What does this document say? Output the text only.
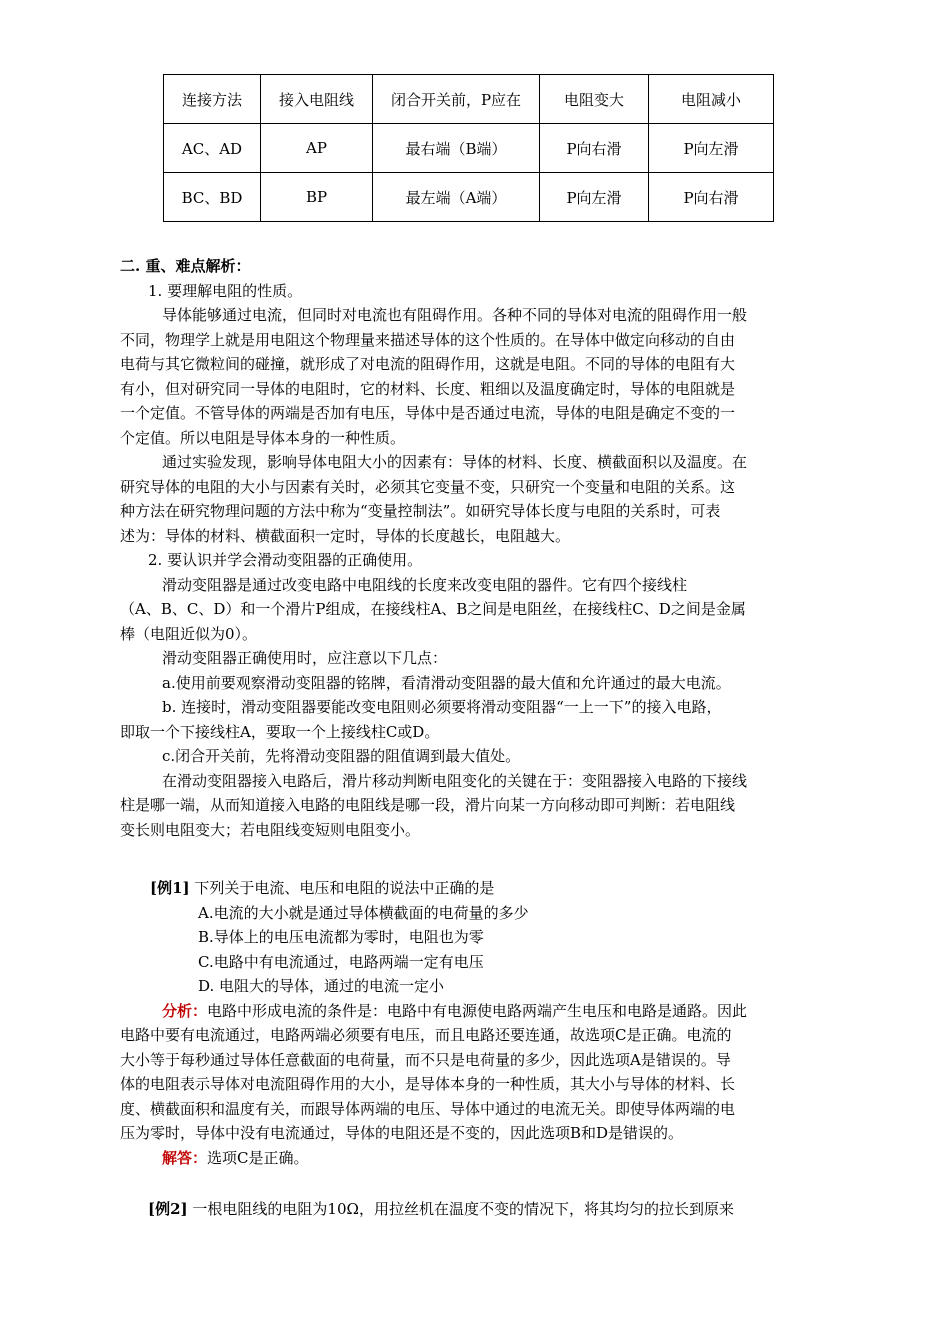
连接方法	接入电阻线	闭合开关前，P应在	电阻变大	电阻减小
AC、AD	AP	最右端（B端）	P向右滑	P向左滑
BC、BD	BP	最左端（A端）	P向左滑	P向右滑
二. 重、难点解析：
1. 要理解电阻的性质。
导体能够通过电流，但同时对电流也有阻碍作用。各种不同的导体对电流的阻碍作用一般
不同，物理学上就是用电阻这个物理量来描述导体的这个性质的。在导体中做定向移动的自由
电荷与其它微粒间的碰撞，就形成了对电流的阻碍作用，这就是电阻。不同的导体的电阻有大
有小，但对研究同一导体的电阻时，它的材料、长度、粗细以及温度确定时，导体的电阻就是
一个定值。不管导体的两端是否加有电压，导体中是否通过电流，导体的电阻是确定不变的一
个定值。所以电阻是导体本身的一种性质。
通过实验发现，影响导体电阻大小的因素有：导体的材料、长度、横截面积以及温度。在
研究导体的电阻的大小与因素有关时，必须其它变量不变，只研究一个变量和电阻的关系。这
种方法在研究物理问题的方法中称为“变量控制法”。如研究导体长度与电阻的关系时，可表
述为：导体的材料、横截面积一定时，导体的长度越长，电阻越大。
2. 要认识并学会滑动变阻器的正确使用。
滑动变阻器是通过改变电路中电阻线的长度来改变电阻的器件。它有四个接线柱
（A、B、C、D）和一个滑片P组成，在接线柱A、B之间是电阻丝，在接线柱C、D之间是金属
棒（电阻近似为0）。
滑动变阻器正确使用时，应注意以下几点：
a.使用前要观察滑动变阻器的铭牌，看清滑动变阻器的最大值和允许通过的最大电流。
b. 连接时，滑动变阻器要能改变电阻则必须要将滑动变阻器“一上一下”的接入电路，
即取一个下接线柱A，要取一个上接线柱C或D。
c.闭合开关前，先将滑动变阻器的阻值调到最大值处。
在滑动变阻器接入电路后，滑片移动判断电阻变化的关键在于：变阻器接入电路的下接线
柱是哪一端，从而知道接入电路的电阻线是哪一段，滑片向某一方向移动即可判断：若电阻线
变长则电阻变大；若电阻线变短则电阻变小。
[例1] 下列关于电流、电压和电阻的说法中正确的是
A.电流的大小就是通过导体横截面的电荷量的多少
B.导体上的电压电流都为零时，电阻也为零
C.电路中有电流通过，电路两端一定有电压
D. 电阻大的导体，通过的电流一定小
分析：电路中形成电流的条件是：电路中有电源使电路两端产生电压和电路是通路。因此
电路中要有电流通过，电路两端必须要有电压，而且电路还要连通，故选项C是正确。电流的
大小等于每秒通过导体任意截面的电荷量，而不只是电荷量的多少，因此选项A是错误的。导
体的电阻表示导体对电流阻碍作用的大小，是导体本身的一种性质，其大小与导体的材料、长
度、横截面积和温度有关，而跟导体两端的电压、导体中通过的电流无关。即使导体两端的电
压为零时，导体中没有电流通过，导体的电阻还是不变的，因此选项B和D是错误的。
解答：选项C是正确。
[例2] 一根电阻线的电阻为10Ω，用拉丝机在温度不变的情况下，将其均匀的拉长到原来
